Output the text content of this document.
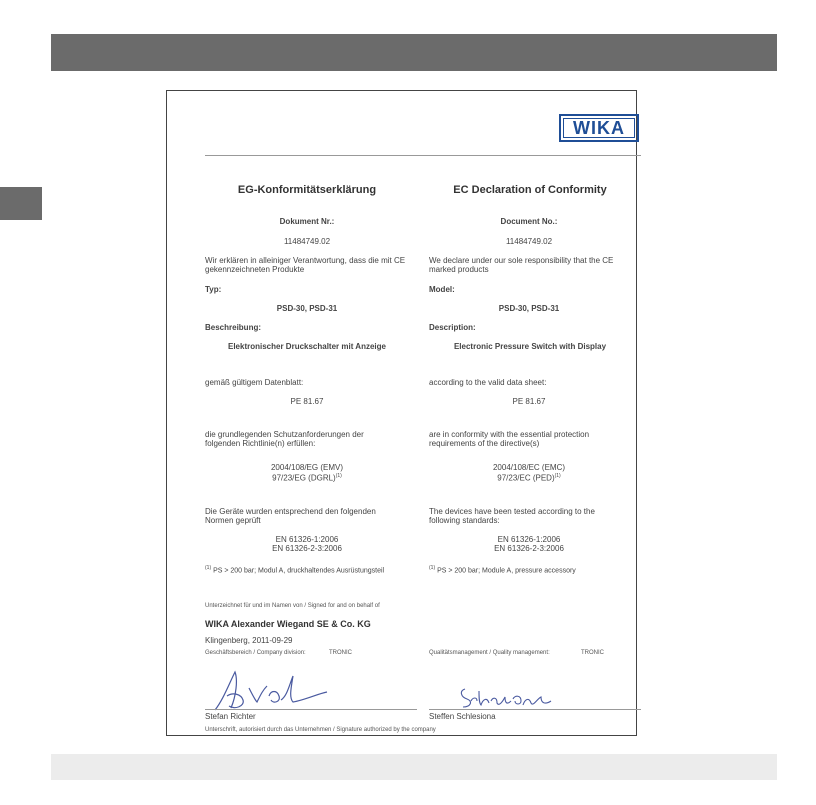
WIKA
EG-Konformitätserklärung	EC Declaration of Conformity
Dokument Nr.:	Document No.:
11484749.02	11484749.02
Wir erklären in alleiniger Verantwortung, dass die mit CE gekennzeichneten Produkte
We declare under our sole responsibility that the CE marked products
Typ:	Model:
PSD-30, PSD-31	PSD-30, PSD-31
Beschreibung:	Description:
Elektronischer Druckschalter mit Anzeige	Electronic Pressure Switch with Display
gemäß gültigem Datenblatt:	according to the valid data sheet:
PE 81.67	PE 81.67
die grundlegenden Schutzanforderungen der folgenden Richtlinie(n) erfüllen:
are in conformity with the essential protection requirements of the directive(s)
2004/108/EG (EMV)	2004/108/EC (EMC)
97/23/EG (DGRL)$^{(1)}$	97/23/EC (PED)$^{(1)}$
Die Geräte wurden entsprechend den folgenden Normen geprüft
The devices have been tested according to the following standards:
EN 61326-1:2006	EN 61326-1:2006
EN 61326-2-3:2006	EN 61326-2-3:2006
$^{(1)}$ PS > 200 bar; Modul A, druckhaltendes Ausrüstungsteil	$^{(1)}$ PS > 200 bar; Module A, pressure accessory
Unterzeichnet für und im Namen von / Signed for and on behalf of
WIKA Alexander Wiegand SE & Co. KG
Klingenberg, 2011-09-29
Geschäftsbereich / Company division:	TRONIC	Qualitätsmanagement / Quality management:	TRONIC
Stefan Richter	Steffen Schlesiona
Unterschrift, autorisiert durch das Unternehmen / Signature authorized by the company
